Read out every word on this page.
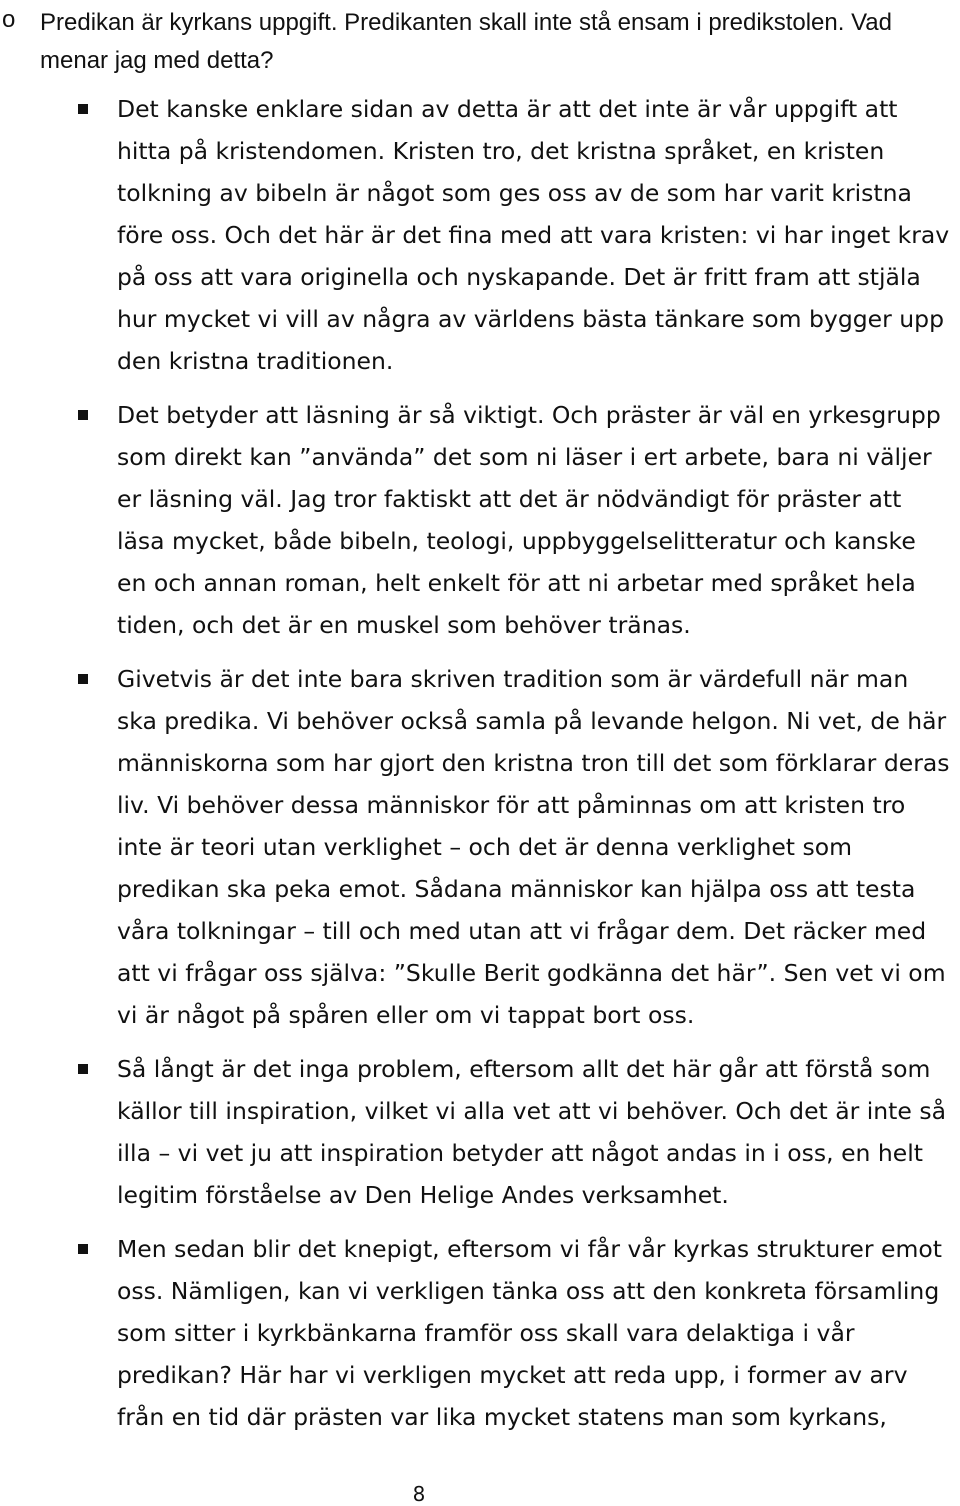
o Predikan är kyrkans uppgift. Predikanten skall inte stå ensam i predikstolen. Vad menar jag med detta?
Det kanske enklare sidan av detta är att det inte är vår uppgift att hitta på kristendomen. Kristen tro, det kristna språket, en kristen tolkning av bibeln är något som ges oss av de som har varit kristna före oss. Och det här är det fina med att vara kristen: vi har inget krav på oss att vara originella och nyskapande. Det är fritt fram att stjäla hur mycket vi vill av några av världens bästa tänkare som bygger upp den kristna traditionen.
Det betyder att läsning är så viktigt. Och präster är väl en yrkesgrupp som direkt kan ”använda” det som ni läser i ert arbete, bara ni väljer er läsning väl. Jag tror faktiskt att det är nödvändigt för präster att läsa mycket, både bibeln, teologi, uppbyggelselitteratur och kanske en och annan roman, helt enkelt för att ni arbetar med språket hela tiden, och det är en muskel som behöver tränas.
Givetvis är det inte bara skriven tradition som är värdefull när man ska predika. Vi behöver också samla på levande helgon. Ni vet, de här människorna som har gjort den kristna tron till det som förklarar deras liv. Vi behöver dessa människor för att påminnas om att kristen tro inte är teori utan verklighet – och det är denna verklighet som predikan ska peka emot. Sådana människor kan hjälpa oss att testa våra tolkningar – till och med utan att vi frågar dem. Det räcker med att vi frågar oss själva: ”Skulle Berit godkänna det här”. Sen vet vi om vi är något på spåren eller om vi tappat bort oss.
Så långt är det inga problem, eftersom allt det här går att förstå som källor till inspiration, vilket vi alla vet att vi behöver. Och det är inte så illa – vi vet ju att inspiration betyder att något andas in i oss, en helt legitim förståelse av Den Helige Andes verksamhet.
Men sedan blir det knepigt, eftersom vi får vår kyrkas strukturer emot oss. Nämligen, kan vi verkligen tänka oss att den konkreta församling som sitter i kyrkbänkarna framför oss skall vara delaktiga i vår predikan? Här har vi verkligen mycket att reda upp, i former av arv från en tid där prästen var lika mycket statens man som kyrkans,
8
